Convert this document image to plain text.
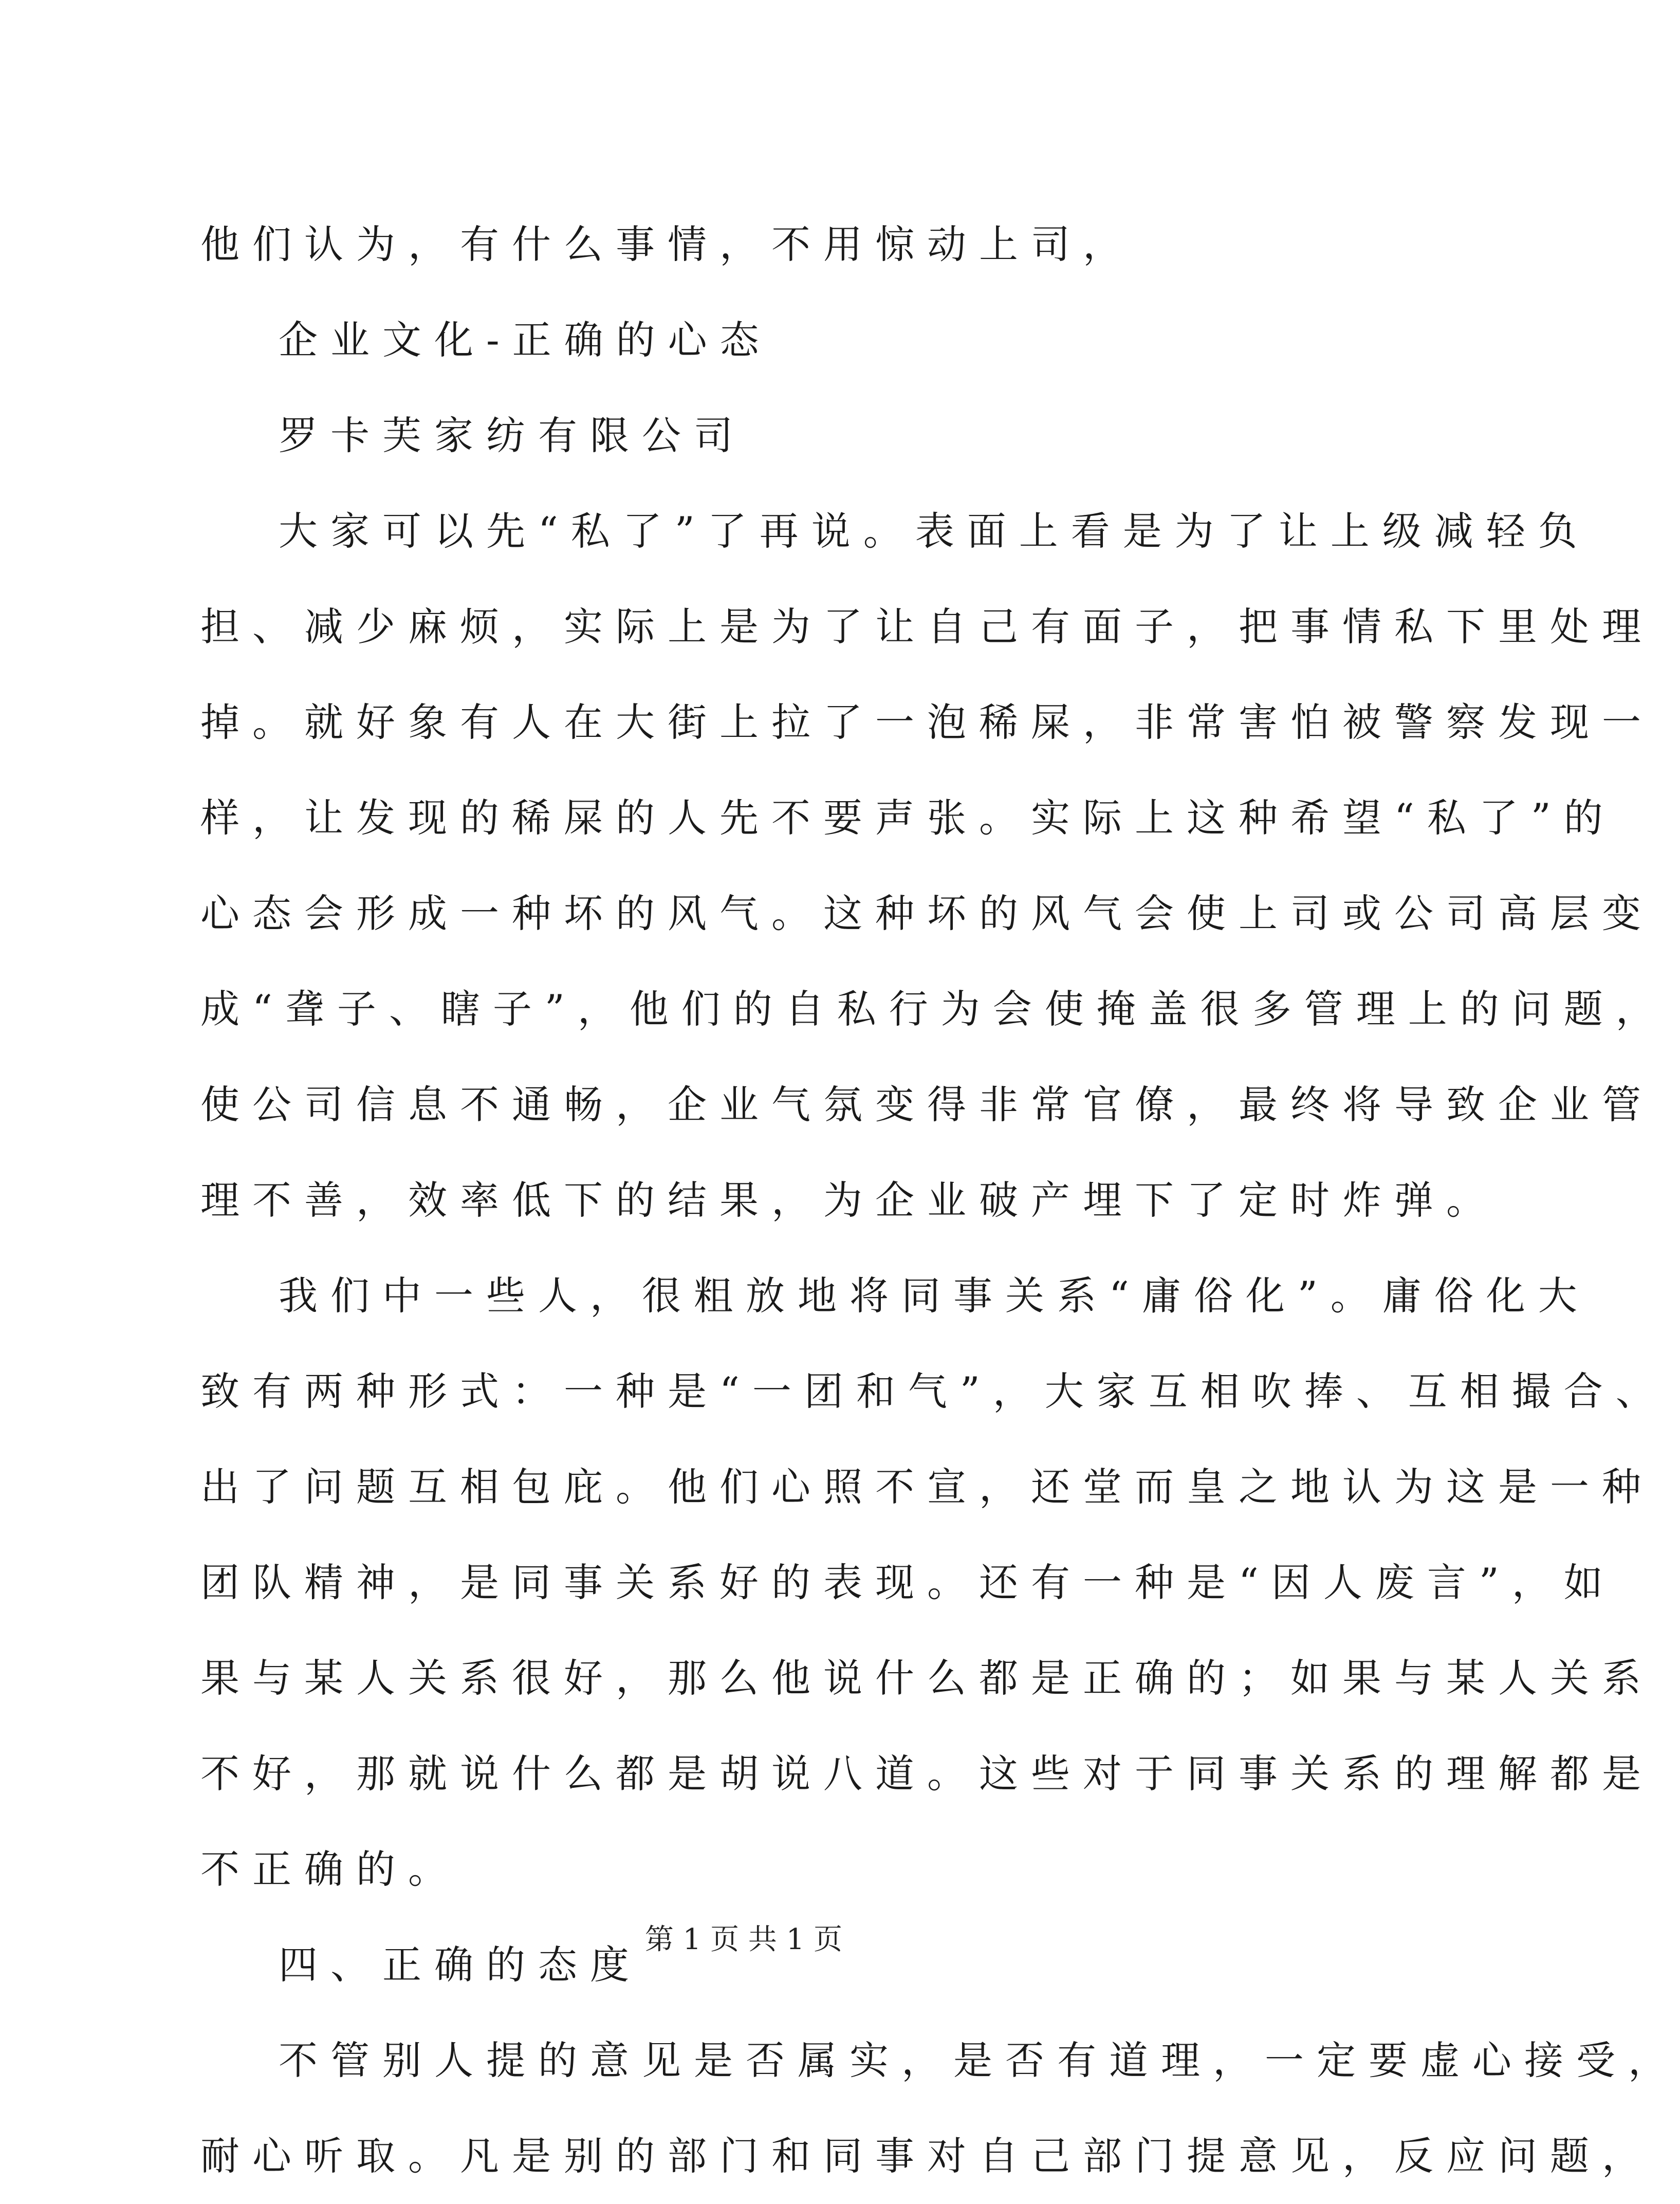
他们认为，有什么事情，不用惊动上司，
企业文化-正确的心态
罗卡芙家纺有限公司
大家可以先“私了”了再说。表面上看是为了让上级减轻负
担、减少麻烦，实际上是为了让自己有面子，把事情私下里处理
掉。就好象有人在大街上拉了一泡稀屎，非常害怕被警察发现一
样，让发现的稀屎的人先不要声张。实际上这种希望“私了”的
心态会形成一种坏的风气。这种坏的风气会使上司或公司高层变
成“聋子、瞎子”，他们的自私行为会使掩盖很多管理上的问题，
使公司信息不通畅，企业气氛变得非常官僚，最终将导致企业管
理不善，效率低下的结果，为企业破产埋下了定时炸弹。
我们中一些人，很粗放地将同事关系“庸俗化”。庸俗化大
致有两种形式：一种是“一团和气”，大家互相吹捧、互相撮合、
出了问题互相包庇。他们心照不宣，还堂而皇之地认为这是一种
团队精神，是同事关系好的表现。还有一种是“因人废言”，如
果与某人关系很好，那么他说什么都是正确的；如果与某人关系
不好，那就说什么都是胡说八道。这些对于同事关系的理解都是
不正确的。
四、正确的态度
不管别人提的意见是否属实，是否有道理，一定要虚心接受，
耐心听取。凡是别的部门和同事对自己部门提意见，反应问题，
第 1 页 共 1 页
